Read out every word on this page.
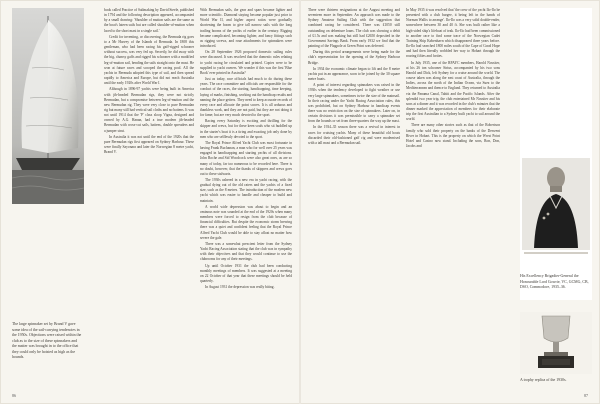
The large spinnaker set by Brand V gave some idea of the sail-carrying tendencies in the 1950s. Objections were raised within the club as to the size of these spinnakers and the matter was brought in to the office that they could only be hoisted as high as the hounds.

book called Practice of Sailmaking by David Steele, published in 1794 and the following description appeared, accompanied by a small drawing: 'Shoulder of mutton sails are the same as the boat's lateen sails but are called shoulder-of-mutton when laced to the short mast in a single sail.'

Credit for inventing, or discovering, the Bermuda rig goes to a Mr Harvey of the Islands of Bermuda. In 1808 this gentleman, who had been racing his gaff-rigged schooner without success, was very fed up. Secretly, he did away with the big, clumsy gaffs and rigged his schooner with a modified leg-of-mutton sail, bending the sails straight onto the mast. He won at future races and scooped the racing pool. All the yachts in Bermuda adopted this type of sail, and then spread rapidly to America and Europe, but did not reach Australia until the early 1920s after World War I.

Although in 1896-97 yachts were being built in America with jib-headed Bermudan rigs, they were not strictly Bermudan, but a compromise between leg-of-mutton and the new Bermudan rig. They were very close to pure Bermudan rig but many still had vertical sail cloths and no battens. It was not until 1914 that the 'P' class sloop Vigna, designed and owned by A.G. Hanan, had a true modern jib-headed Bermudan with cross-cut sails, battens, double spreaders and a jumper strut.

In Australia it was not until the end of the 1920s that the pure Bermudan rigs first appeared on Sydney Harbour. These were finally Sayonara and later the Norwegian 8 metre yacht, Brand V.

With Bermudan sails, the gear and spars became lighter and more scientific. Diamond staying became popular just prior to World War II, and higher aspect ratios were gradually shortening the boom to give tall narrow sails with the long trailing booms of the yachts of earlier in the century. Rigging became complicated, becoming lighter, and fancy fittings such as rigging screws, and roue attachments for spinnakers were introduced.

On 28 September 1926 proposed domestic sailing rules were discussed. It was resolved that the domestic rules relating to yacht racing be circulated and printed. Copies were to be supplied to yacht owners. We wonder if this was the first 'Blue Book' ever printed in Australia?

Just as today, race officials had much to do during these years. The race committee and officials are responsible for the conduct of the races, the starting, handicapping, time keeping, laying of marks, finishing, working out the handicap results and naming the place getters. They need to keep accurate records of every race and allocate the point scores. It is all arduous and thankless work, and they are not paid, but they are not doing it for fame; but are very much devoted to the sport.

Racing every Saturday is exciting and thrilling for the skipper and crews, but for these keen souls who sit huddled up in the starter's boat it is a tiring and exacting job only done by men who are selflessly devoted to the sport.

The Royal Prince Alfred Yacht Club was most fortunate in having Frank Buchanan, a man who for well over 25 years was engaged in handicapping and starting yachts of all divisions. John Roche and Sid Woodcock were also great ones, as are so many of today, far too numerous to be recorded here. There is no doubt, however, that the thanks of skippers and crews goes out to these stalwarts.

The 1930s ushered in a new era in yacht racing, with the gradual dying out of the old raters and the yachts of a fixed size, such as the 8 metres. The introduction of the modern new yacht which was easier to handle and cheaper to build and maintain.

A world wide depression was about to begin and an ominous note was sounded at the end of the 1920s when many members were forced to resign from the club because of financial difficulties. But despite the economic storm brewing there was a quiet and confident feeling that the Royal Prince Alfred Yacht Club would be able to stay afloat no matter how severe the gale.

There was a somewhat prescient letter from the Sydney Yacht Racing Association stating that the club was in sympathy with their objectives and that they would continue to use the clubrooms for any of their meetings.

Up until October 1931 the club had been conducting monthly meetings of members. It was suggested at a meeting on 22 October of that year that these meetings should be held quarterly.

In August 1931 the depression was really biting.

86

There were thirteen resignations at the August meeting and seventeen more in September. An approach was made to the Sydney Amateur Sailing Club with the suggestion that combined racing be considered. There was £1050 still outstanding on debenture loans. The club was showing a debit of £1.5s and was making but still had £2650 deposited in the Government Savings Bank. From early 1932 we find that the painting of the Flagpole at Green Point was deferred.

During this period arrangements were being made for the club's representation for the opening of the Sydney Harbour Bridge.

In 1934 the economic climate began to lift and the 8 metre yachts put in an appearance, soon to be joined by the 30 square metre boats.

A point of interest regarding spinnakers was raised in the 1930s when the tendency developed to fight weather or use very large spinnakers, sometimes twice the size of the mainsail. In their racing under the Yacht Racing Association rules, this was prohibited, but on Sydney Harbour in handicap events there was no restriction on the size of spinnakers. Later on, in certain divisions it was permissible to carry a spinnaker set from the hounds or set from three-quarters the way up the mast.

In the 1934–35 season there was a revival in interest in races for cruising yachts. Many of these beautiful old boats discarded their old-fashioned gaff rig and were modernised with a tall mast and a Bermudan sail.

In May 1935 it was resolved that 'the crew of the yacht Ilo-Ilo be presented with a club burgee, it being left in the hands of Norman Wallis to arrange'. Ilo-Ilo was a very solid double-ender, somewhere between 30 and 40 ft. She was built rather like a high-sided ship's lifeboat of teak. Ilo-Ilo had been commissioned to another race to find some trace of the Norwegian Cadet Training Ship København which disappeared three years before. Ilo-Ilo had searched 1800 miles south of the Cape of Good Hope and had then literally wobbled her way to Hobart through the roaring fifties and forties.

In July 1935, one of the RPAYC members, Harold Nossiter, at his 26 ton schooner Sirius, accompanied by his two sons Harold and Dick, left Sydney for a cruise around the world. The course taken was along the east coast of Australia, through the Indies, across the north of the Indian Ocean, via Suez to the Mediterranean and thence to England. They returned to Australia via the Panama Canal, Tahiti and the Pacific Islands. After the splendid two year trip, the club entertained Mr Nossiter and his sons at a dinner and it was recorded in the club's minutes that the dinner marked the appreciation of members for their elaborate trip the first Australian to a Sydney built yacht to sail around the world.

There are many other stories such as that of the Robertson family who sold their property on the banks of the Derwent River in Hobart. This is the property on which the Wrest Point Hotel and Casino now stand. Including the sons, Ron, Don, Jacobs and

His Excellency Brigadier-General the Honourable Lord Gowrie, VC, GCMG, CB, DSO, Commodore, 1935–36.
A trophy replica of the 1930s.
87
